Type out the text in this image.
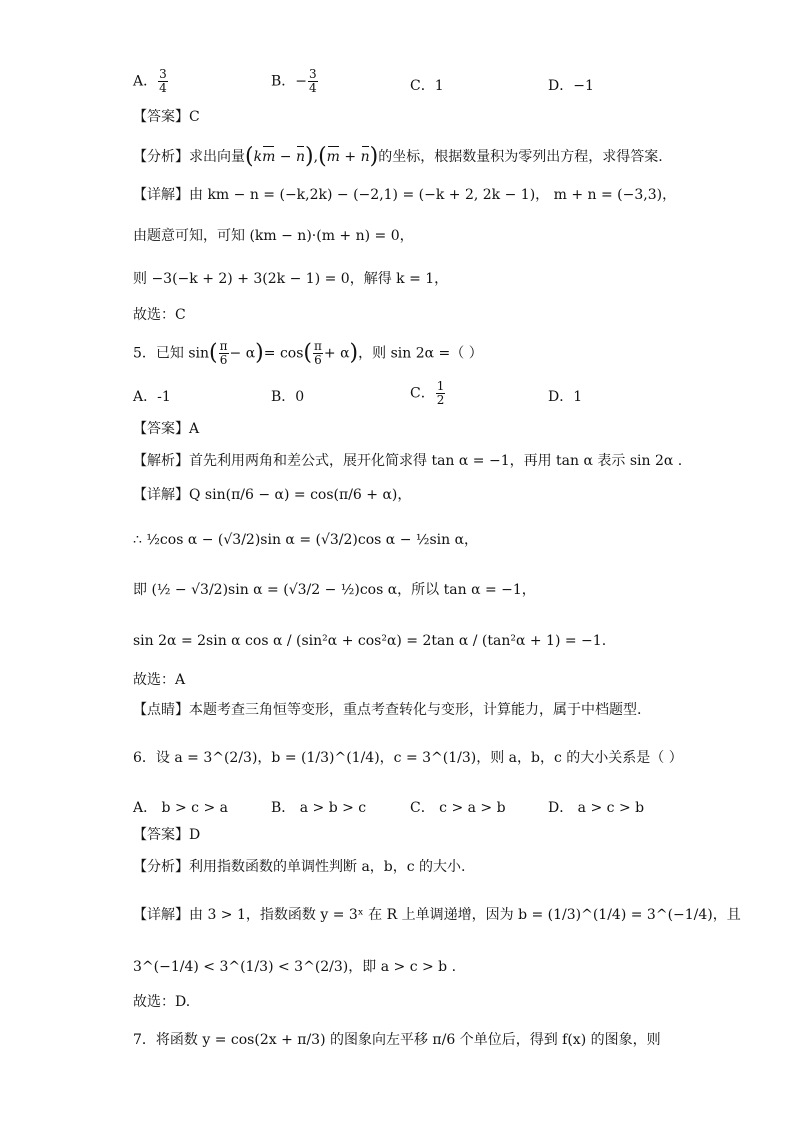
A． $\frac{3}{4}$	B．− $\frac{3}{4}$	C．1	D．−1
【答案】C
【分析】求出向量(km − n),(m + n)的坐标，根据数量积为零列出方程，求得答案.
【详解】由 km − n = (−k,2k) − (−2,1) = (−k + 2, 2k − 1)， m + n = (−3,3)，
由题意可知，可知 (km − n)·(m + n) = 0，
则 −3(−k + 2) + 3(2k − 1) = 0，解得 k = 1，
故选：C
5．已知 $\sin( \frac{\pi}{6} - \alpha)= \cos( \frac{\pi}{6} + \alpha)$，则 sin 2α =（ ）
A．-1	B．0	C． $\frac{1}{2}$	D．1
【答案】A
【解析】首先利用两角和差公式，展开化简求得 tan α = −1，再用 tan α 表示 sin 2α .
【详解】Q sin(π/6 − α) = cos(π/6 + α)，
∴ ½cos α − (√3/2)sin α = (√3/2)cos α − ½sin α，
即 (½ − √3/2)sin α = (√3/2 − ½)cos α，所以 tan α = −1，
sin 2α = 2sin α cos α / (sin²α + cos²α) = 2tan α / (tan²α + 1) = −1.
故选：A
【点睛】本题考查三角恒等变形，重点考查转化与变形，计算能力，属于中档题型.
6．设 a = 3^(2/3)，b = (1/3)^(1/4)，c = 3^(1/3)，则 a，b，c 的大小关系是（ ）
A． b > c > a	B． a > b > c	C． c > a > b	D． a > c > b
【答案】D
【分析】利用指数函数的单调性判断 a，b，c 的大小.
【详解】由 3 > 1，指数函数 y = 3ˣ 在 R 上单调递增，因为 b = (1/3)^(1/4) = 3^(−1/4)，且
3^(−1/4) < 3^(1/3) < 3^(2/3)，即 a > c > b .
故选：D.
7．将函数 y = cos(2x + π/3) 的图象向左平移 π/6 个单位后，得到 f(x) 的图象，则
